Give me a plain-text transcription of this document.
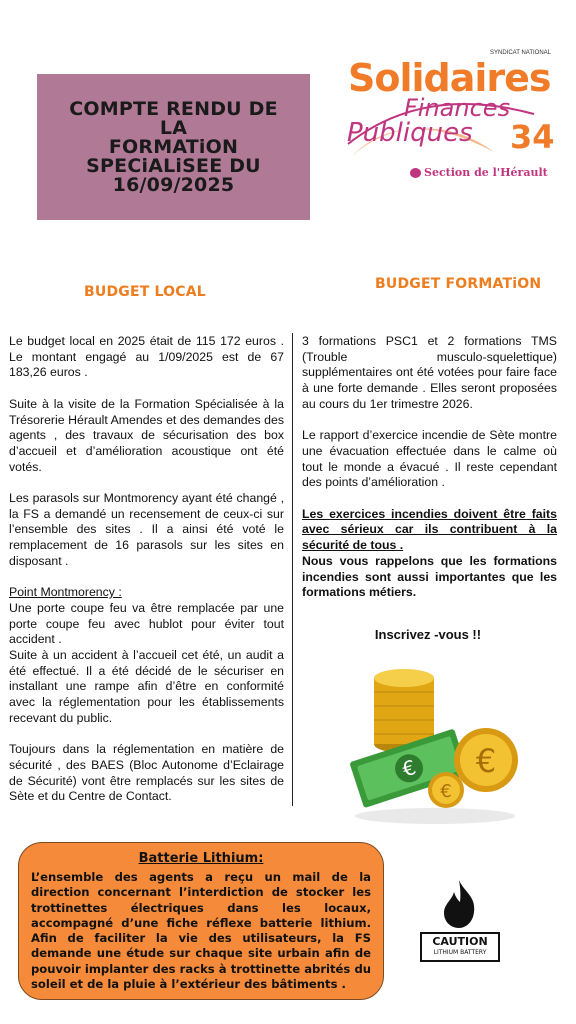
COMPTE RENDU DE LA
FORMATiON
SPECiALiSEE DU
16/09/2025
SYNDICAT NATIONAL
Solidaires
Finances
Publiques 34
Section de l'Hérault
BUDGET LOCAL	BUDGET FORMATiON

Le budget local en 2025 était de 115 172 euros . Le montant engagé au 1/09/2025 est de 67 183,26 euros .

Suite à la visite de la Formation Spécialisée à la Trésorerie Hérault Amendes et des demandes des agents , des travaux de sécurisation des box d’accueil et d’amélioration acoustique ont été votés.

Les parasols sur Montmorency ayant été changé , la FS a demandé un recensement de ceux-ci sur l’ensemble des sites . Il a ainsi été voté le remplacement de 16 parasols sur les sites en disposant .

Point Montmorency :

Une porte coupe feu va être remplacée par une porte coupe feu avec hublot pour éviter tout accident .

Suite à un accident à l’accueil cet été, un audit a été effectué. Il a été décidé de le sécuriser en installant une rampe afin d’être en conformité avec la réglementation pour les établissements recevant du public.

Toujours dans la réglementation en matière de sécurité , des BAES (Bloc Autonome d’Eclairage de Sécurité) vont être remplacés sur les sites de Sète et du Centre de Contact.

3 formations PSC1 et 2 formations TMS (Trouble musculo-squelettique) supplémentaires ont été votées pour faire face à une forte demande . Elles seront proposées au cours du 1er trimestre 2026.

Le rapport d’exercice incendie de Sète montre une évacuation effectuée dans le calme où tout le monde a évacué . Il reste cependant des points d’amélioration .

Les exercices incendies doivent être faits avec sérieux car ils contribuent à la sécurité de tous .

Nous vous rappelons que les formations incendies sont aussi importantes que les formations métiers.

Inscrivez -vous !!
€ €
€

Batterie Lithium:

L’ensemble des agents a reçu un mail de la direction concernant l’interdiction de stocker les trottinettes électriques dans les locaux, accompagné d’une fiche réflexe batterie lithium. Afin de faciliter la vie des utilisateurs, la FS demande une étude sur chaque site urbain afin de pouvoir implanter des racks à trottinette abrités du soleil et de la pluie à l’extérieur des bâtiments .

CAUTION
LITHIUM BATTERY
